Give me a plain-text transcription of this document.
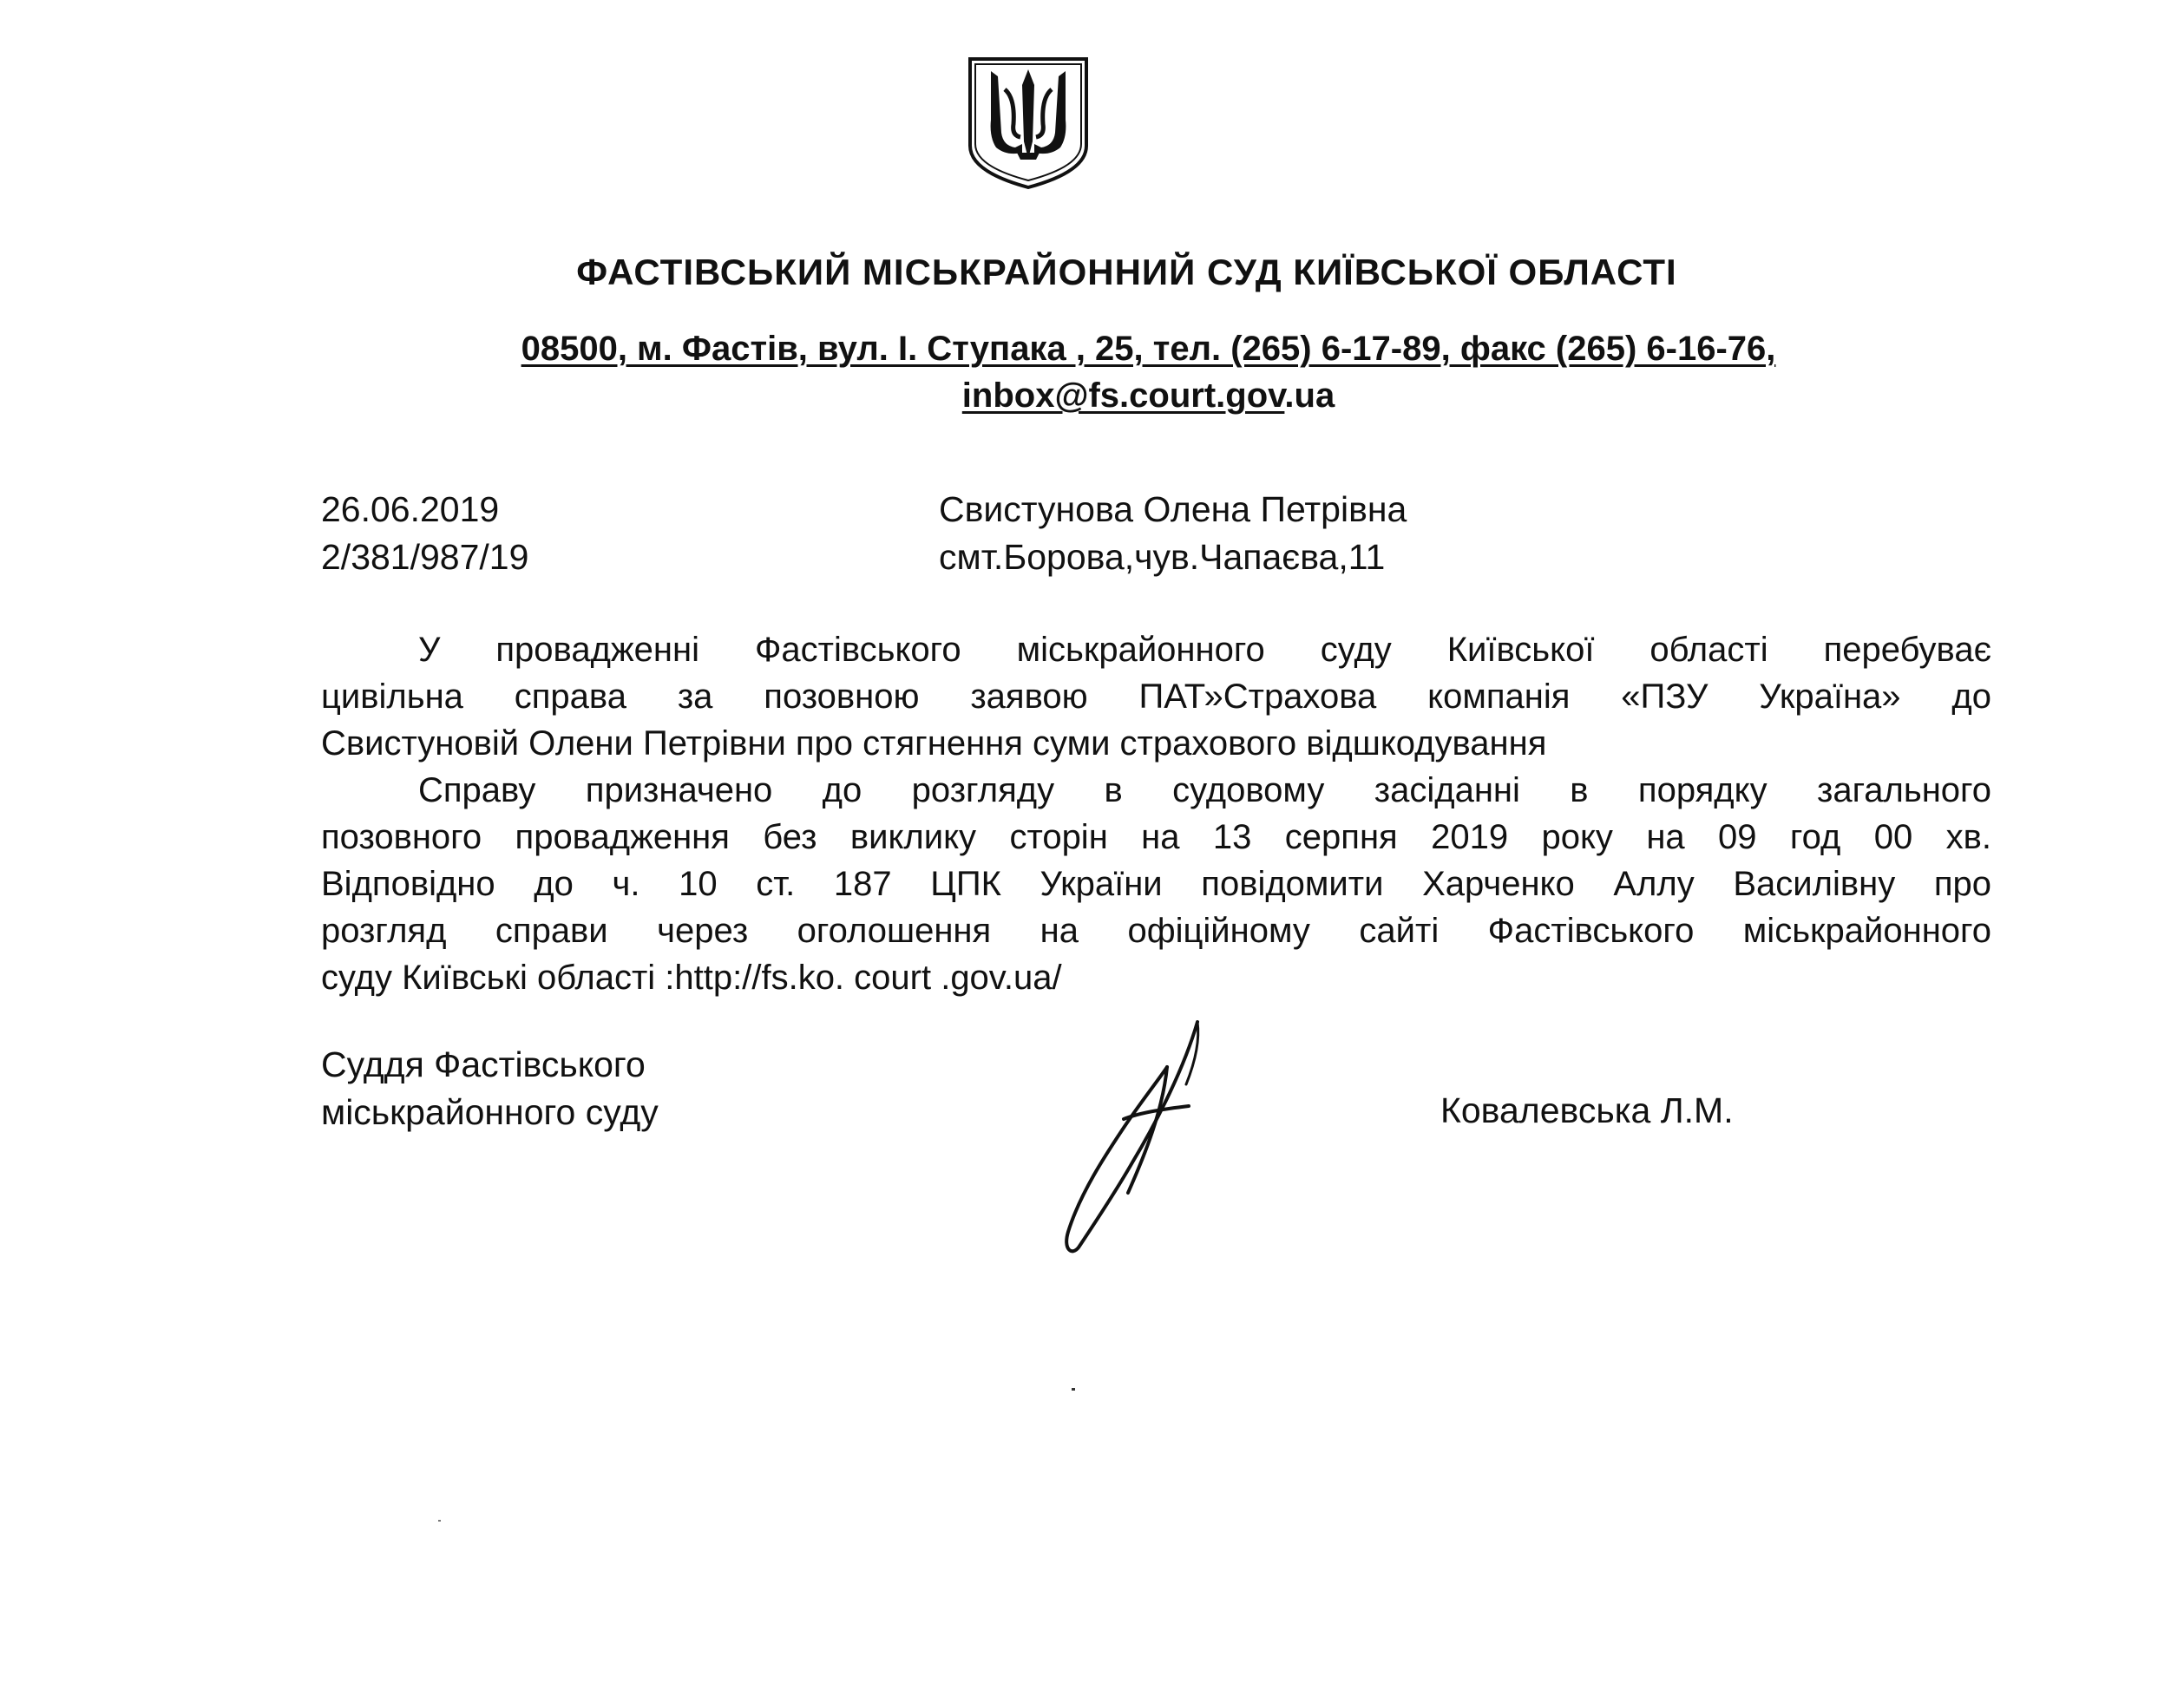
ФАСТІВСЬКИЙ МІСЬКРАЙОННИЙ СУД КИЇВСЬКОЇ ОБЛАСТІ
08500, м. Фастів, вул. І. Ступака , 25, тел. (265) 6-17-89, факс (265) 6-16-76,
inbox@fs.court.gov.ua
26.06.2019
2/381/987/19
Свистунова Олена Петрівна
смт.Борова,чув.Чапаєва,11
У провадженні Фастівського міськрайонного суду Київської області перебуває
цивільна справа за позовною заявою ПАТ»Страхова компанія «ПЗУ Україна» до
Свистуновій Олени Петрівни про стягнення суми страхового відшкодування
Справу призначено до розгляду в судовому засіданні в порядку загального
позовного провадження без виклику сторін на 13 серпня 2019 року на 09 год 00 хв.
Відповідно до ч. 10 ст. 187 ЦПК України повідомити Харченко Аллу Василівну про
розгляд справи через оголошення на офіційному сайті Фастівського міськрайонного
суду Київські області :http://fs.ko. court .gov.ua/
Суддя Фастівського
міськрайонного суду	Ковалевська Л.М.
